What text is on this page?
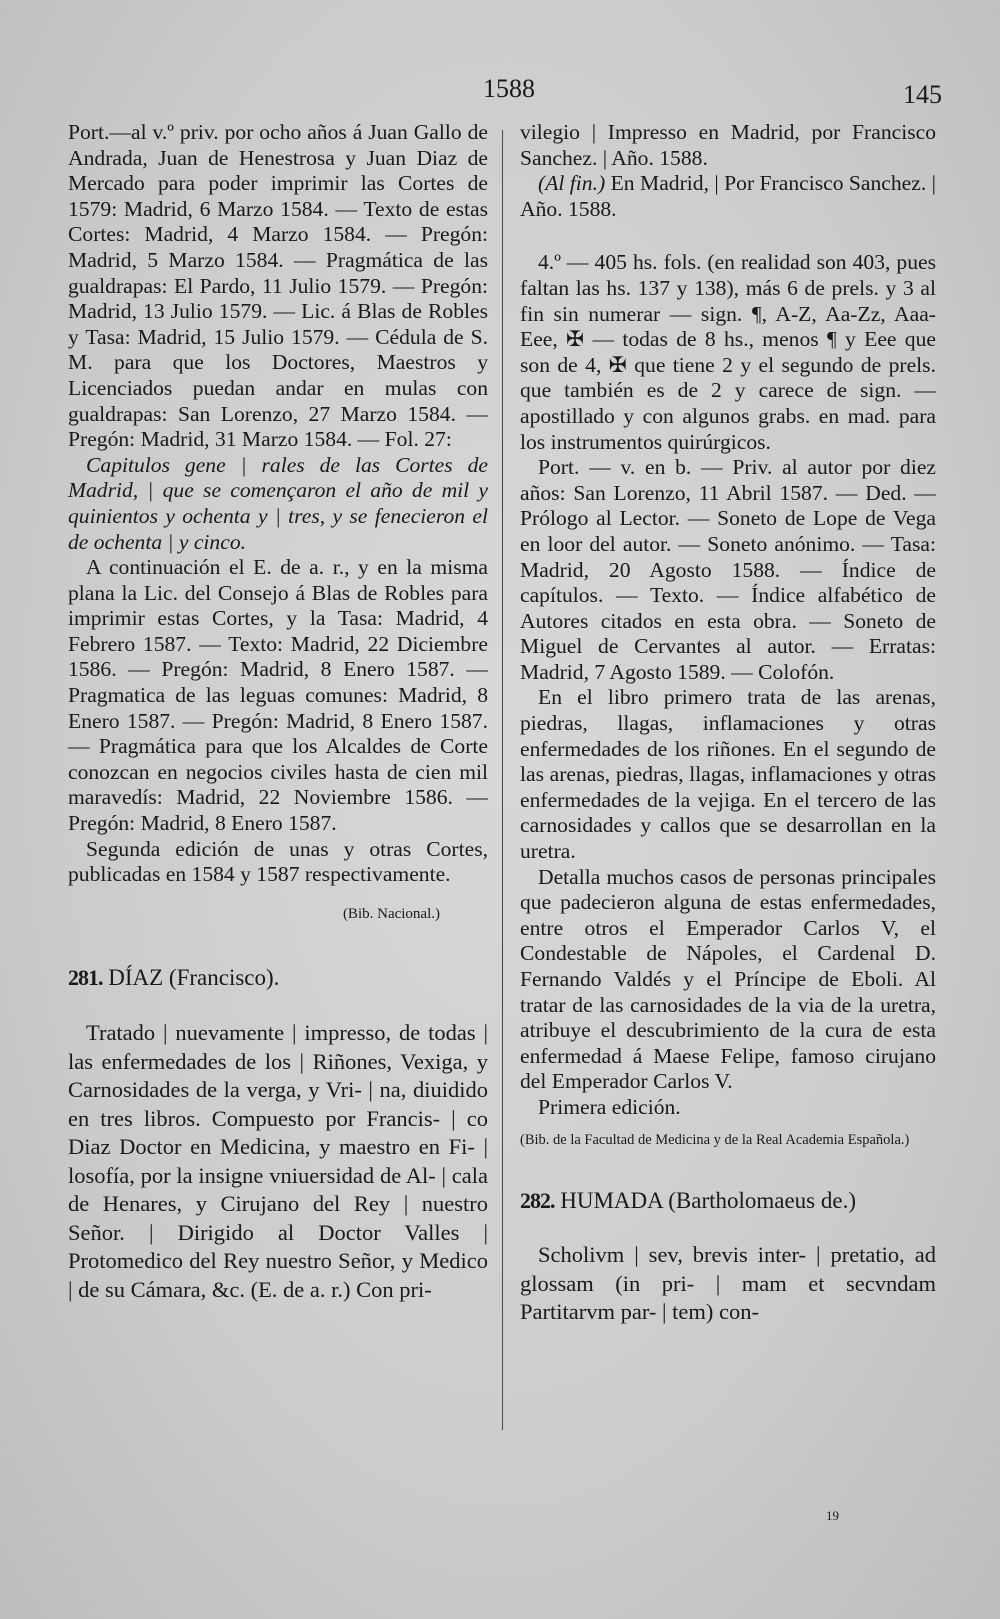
1588	145

Port.—al v.º priv. por ocho años á Juan Gallo de Andrada, Juan de Henestrosa y Juan Diaz de Mercado para poder imprimir las Cortes de 1579: Madrid, 6 Marzo 1584. — Texto de estas Cortes: Madrid, 4 Marzo 1584. — Pregón: Madrid, 5 Marzo 1584. — Pragmática de las gualdrapas: El Pardo, 11 Julio 1579. — Pregón: Madrid, 13 Julio 1579. — Lic. á Blas de Robles y Tasa: Madrid, 15 Julio 1579. — Cédula de S. M. para que los Doctores, Maestros y Licenciados puedan andar en mulas con gualdrapas: San Lorenzo, 27 Marzo 1584. — Pregón: Madrid, 31 Marzo 1584. — Fol. 27:

Capitulos gene | rales de las Cortes de Madrid, | que se començaron el año de mil y quinientos y ochenta y | tres, y se fenecieron el de ochenta | y cinco.

A continuación el E. de a. r., y en la misma plana la Lic. del Consejo á Blas de Robles para imprimir estas Cortes, y la Tasa: Madrid, 4 Febrero 1587. — Texto: Madrid, 22 Diciembre 1586. — Pregón: Madrid, 8 Enero 1587. — Pragmatica de las leguas comunes: Madrid, 8 Enero 1587. — Pregón: Madrid, 8 Enero 1587. — Pragmática para que los Alcaldes de Corte conozcan en negocios civiles hasta de cien mil maravedís: Madrid, 22 Noviembre 1586. — Pregón: Madrid, 8 Enero 1587.

Segunda edición de unas y otras Cortes, publicadas en 1584 y 1587 respectivamente.

(Bib. Nacional.)

281. DÍAZ (Francisco).

Tratado | nuevamente | impresso, de todas | las enfermedades de los | Riñones, Vexiga, y Carnosidades de la verga, y Vri- | na, diuidido en tres libros. Compuesto por Francis- | co Diaz Doctor en Medicina, y maestro en Fi- | losofía, por la insigne vniuersidad de Al- | cala de Henares, y Cirujano del Rey | nuestro Señor. | Dirigido al Doctor Valles | Protomedico del Rey nuestro Señor, y Medico | de su Cámara, &c. (E. de a. r.) Con pri-

vilegio | Impresso en Madrid, por Francisco Sanchez. | Año. 1588.

(Al fin.) En Madrid, | Por Francisco Sanchez. | Año. 1588.

4.º — 405 hs. fols. (en realidad son 403, pues faltan las hs. 137 y 138), más 6 de prels. y 3 al fin sin numerar — sign. ¶, A-Z, Aa-Zz, Aaa-Eee, ✠ — todas de 8 hs., menos ¶ y Eee que son de 4, ✠ que tiene 2 y el segundo de prels. que también es de 2 y carece de sign. — apostillado y con algunos grabs. en mad. para los instrumentos quirúrgicos.

Port. — v. en b. — Priv. al autor por diez años: San Lorenzo, 11 Abril 1587. — Ded. — Prólogo al Lector. — Soneto de Lope de Vega en loor del autor. — Soneto anónimo. — Tasa: Madrid, 20 Agosto 1588. — Índice de capítulos. — Texto. — Índice alfabético de Autores citados en esta obra. — Soneto de Miguel de Cervantes al autor. — Erratas: Madrid, 7 Agosto 1589. — Colofón.

En el libro primero trata de las arenas, piedras, llagas, inflamaciones y otras enfermedades de los riñones. En el segundo de las arenas, piedras, llagas, inflamaciones y otras enfermedades de la vejiga. En el tercero de las carnosidades y callos que se desarrollan en la uretra.

Detalla muchos casos de personas principales que padecieron alguna de estas enfermedades, entre otros el Emperador Carlos V, el Condestable de Nápoles, el Cardenal D. Fernando Valdés y el Príncipe de Eboli. Al tratar de las carnosidades de la via de la uretra, atribuye el descubrimiento de la cura de esta enfermedad á Maese Felipe, famoso cirujano del Emperador Carlos V.

Primera edición.

(Bib. de la Facultad de Medicina y de la Real Academia Española.)

282. HUMADA (Bartholomaeus de.)

Scholivm | sev, brevis inter- | pretatio, ad glossam (in pri- | mam et secvndam Partitarvm par- | tem) con-

19
